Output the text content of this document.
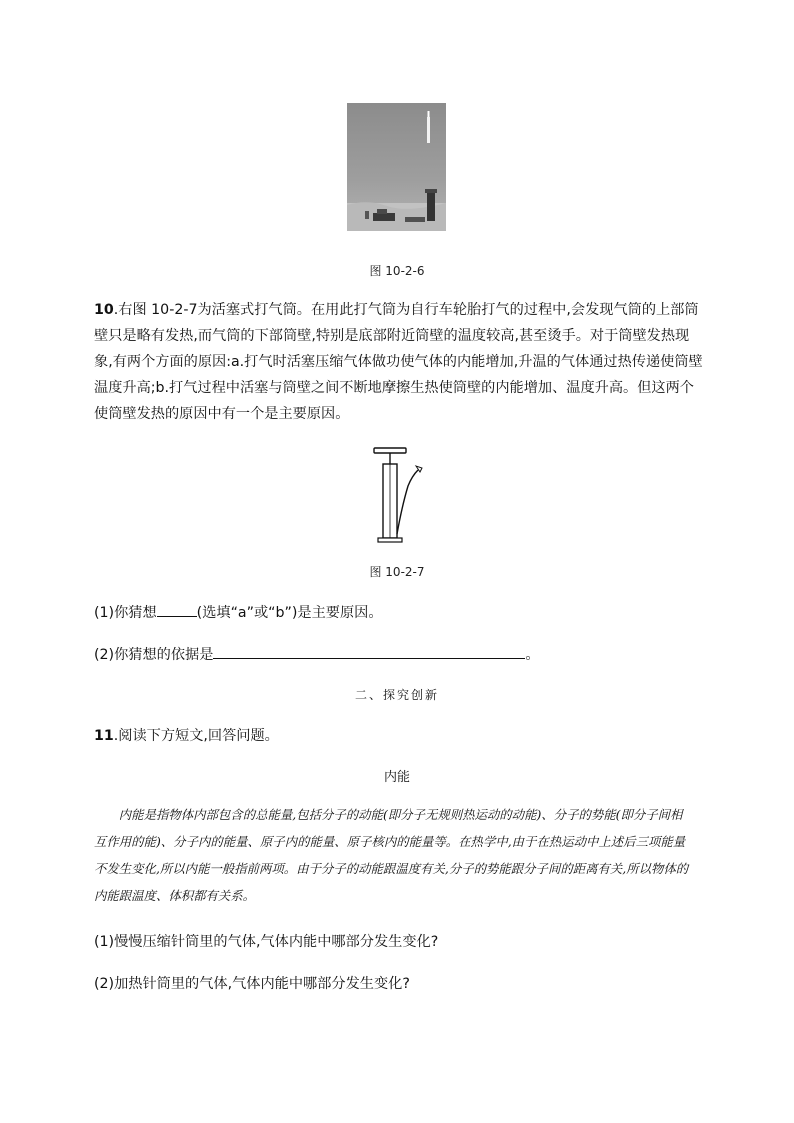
图 10-2-6
10.右图 10-2-7为活塞式打气筒。在用此打气筒为自行车轮胎打气的过程中,会发现气筒的上部筒壁只是略有发热,而气筒的下部筒壁,特别是底部附近筒壁的温度较高,甚至烫手。对于筒壁发热现象,有两个方面的原因:a.打气时活塞压缩气体做功使气体的内能增加,升温的气体通过热传递使筒壁温度升高;b.打气过程中活塞与筒壁之间不断地摩擦生热使筒壁的内能增加、温度升高。但这两个使筒壁发热的原因中有一个是主要原因。
图 10-2-7
(1)你猜想	(选填“a”或“b”)是主要原因。
(2)你猜想的依据是	。
二、探究创新
11.阅读下方短文,回答问题。
内能
内能是指物体内部包含的总能量,包括分子的动能(即分子无规则热运动的动能)、分子的势能(即分子间相互作用的能)、分子内的能量、原子内的能量、原子核内的能量等。在热学中,由于在热运动中上述后三项能量不发生变化,所以内能一般指前两项。由于分子的动能跟温度有关,分子的势能跟分子间的距离有关,所以物体的内能跟温度、体积都有关系。
(1)慢慢压缩针筒里的气体,气体内能中哪部分发生变化?
(2)加热针筒里的气体,气体内能中哪部分发生变化?
